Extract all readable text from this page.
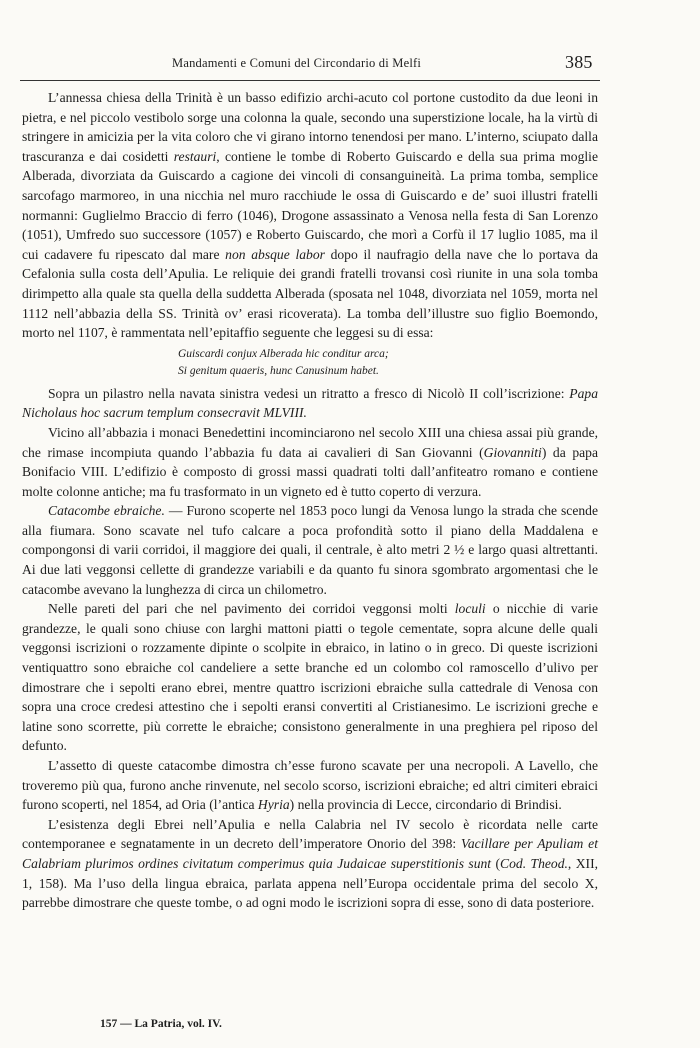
Mandamenti e Comuni del Circondario di Melfi	385

L’annessa chiesa della Trinità è un basso edifizio archi-acuto col portone custodito da due leoni in pietra, e nel piccolo vestibolo sorge una colonna la quale, secondo una superstizione locale, ha la virtù di stringere in amicizia per la vita coloro che vi girano intorno tenendosi per mano. L’interno, sciupato dalla trascuranza e dai cosidetti restauri, contiene le tombe di Roberto Guiscardo e della sua prima moglie Alberada, divorziata da Guiscardo a cagione dei vincoli di consanguineità. La prima tomba, semplice sarcofago marmoreo, in una nicchia nel muro racchiude le ossa di Guiscardo e de’ suoi illustri fratelli normanni: Guglielmo Braccio di ferro (1046), Drogone assassinato a Venosa nella festa di San Lorenzo (1051), Umfredo suo successore (1057) e Roberto Guiscardo, che morì a Corfù il 17 luglio 1085, ma il cui cadavere fu ripescato dal mare non absque labor dopo il naufragio della nave che lo portava da Cefalonia sulla costa dell’Apulia. Le reliquie dei grandi fratelli trovansi così riunite in una sola tomba dirimpetto alla quale sta quella della suddetta Alberada (sposata nel 1048, divorziata nel 1059, morta nel 1112 nell’abbazia della SS. Trinità ov’ erasi ricoverata). La tomba dell’illustre suo figlio Boemondo, morto nel 1107, è rammentata nell’epitaffio seguente che leggesi su di essa:

Guiscardi conjux Alberada hic conditur arca;
Si genitum quaeris, hunc Canusinum habet.

Sopra un pilastro nella navata sinistra vedesi un ritratto a fresco di Nicolò II coll’iscrizione: Papa Nicholaus hoc sacrum templum consecravit MLVIII.

Vicino all’abbazia i monaci Benedettini incominciarono nel secolo XIII una chiesa assai più grande, che rimase incompiuta quando l’abbazia fu data ai cavalieri di San Giovanni (Giovanniti) da papa Bonifacio VIII. L’edifizio è composto di grossi massi quadrati tolti dall’anfiteatro romano e contiene molte colonne antiche; ma fu trasformato in un vigneto ed è tutto coperto di verzura.

Catacombe ebraiche. — Furono scoperte nel 1853 poco lungi da Venosa lungo la strada che scende alla fiumara. Sono scavate nel tufo calcare a poca profondità sotto il piano della Maddalena e compongonsi di varii corridoi, il maggiore dei quali, il centrale, è alto metri 2 ½ e largo quasi altrettanti. Ai due lati veggonsi cellette di grandezze variabili e da quanto fu sinora sgombrato argomentasi che le catacombe avevano la lunghezza di circa un chilometro.

Nelle pareti del pari che nel pavimento dei corridoi veggonsi molti loculi o nicchie di varie grandezze, le quali sono chiuse con larghi mattoni piatti o tegole cementate, sopra alcune delle quali veggonsi iscrizioni o rozzamente dipinte o scolpite in ebraico, in latino o in greco. Di queste iscrizioni ventiquattro sono ebraiche col candeliere a sette branche ed un colombo col ramoscello d’ulivo per dimostrare che i sepolti erano ebrei, mentre quattro iscrizioni ebraiche sulla cattedrale di Venosa con sopra una croce credesi attestino che i sepolti eransi convertiti al Cristianesimo. Le iscrizioni greche e latine sono scorrette, più corrette le ebraiche; consistono generalmente in una preghiera pel riposo del defunto.

L’assetto di queste catacombe dimostra ch’esse furono scavate per una necropoli. A Lavello, che troveremo più qua, furono anche rinvenute, nel secolo scorso, iscrizioni ebraiche; ed altri cimiteri ebraici furono scoperti, nel 1854, ad Oria (l’antica Hyria) nella provincia di Lecce, circondario di Brindisi.

L’esistenza degli Ebrei nell’Apulia e nella Calabria nel IV secolo è ricordata nelle carte contemporanee e segnatamente in un decreto dell’imperatore Onorio del 398: Vacillare per Apuliam et Calabriam plurimos ordines civitatum comperimus quia Judaicae superstitionis sunt (Cod. Theod., XII, 1, 158). Ma l’uso della lingua ebraica, parlata appena nell’Europa occidentale prima del secolo X, parrebbe dimostrare che queste tombe, o ad ogni modo le iscrizioni sopra di esse, sono di data posteriore.

157 — La Patria, vol. IV.
